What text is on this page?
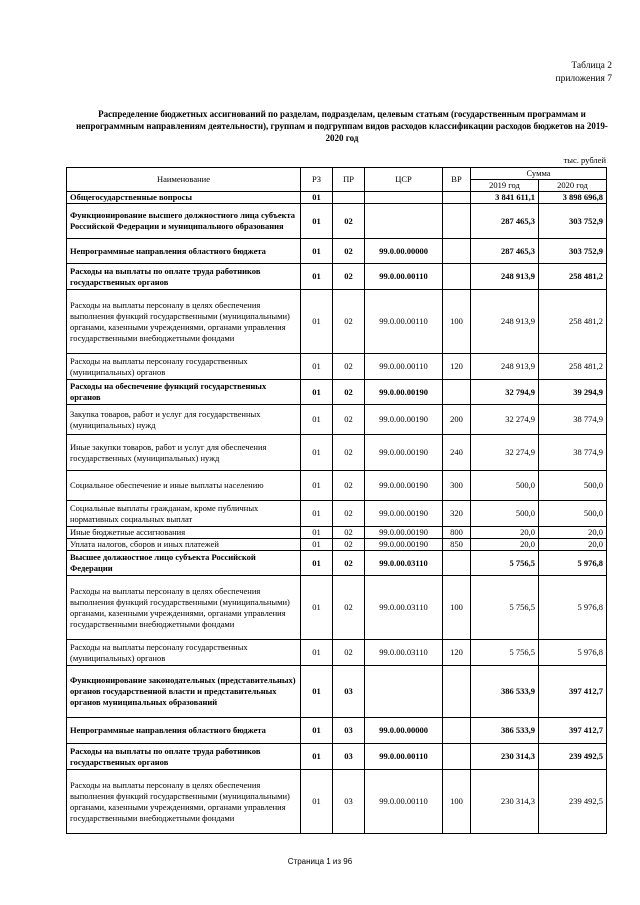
Таблица 2
приложения 7
Распределение бюджетных ассигнований по разделам, подразделам, целевым статьям (государственным программам и непрограммным направлениям деятельности), группам и подгруппам видов расходов классификации расходов бюджетов на 2019-2020 год
тыс. рублей
Наименование	РЗ	ПР	ЦСР	ВР	Сумма	
					2019 год	2020 год
Общегосударственные вопросы	01				3 841 611,1	3 898 696,8
Функционирование высшего должностного лица субъекта Российской Федерации и муниципального образования	01	02			287 465,3	303 752,9
Непрограммные направления областного бюджета	01	02	99.0.00.00000		287 465,3	303 752,9
Расходы на выплаты по оплате труда работников государственных органов	01	02	99.0.00.00110		248 913,9	258 481,2
Расходы на выплаты персоналу в целях обеспечения выполнения функций государственными (муниципальными) органами, казенными учреждениями, органами управления государственными внебюджетными фондами	01	02	99.0.00.00110	100	248 913,9	258 481,2
Расходы на выплаты персоналу государственных (муниципальных) органов	01	02	99.0.00.00110	120	248 913,9	258 481,2
Расходы на обеспечение функций государственных органов	01	02	99.0.00.00190		32 794,9	39 294,9
Закупка товаров, работ и услуг для государственных (муниципальных) нужд	01	02	99.0.00.00190	200	32 274,9	38 774,9
Иные закупки товаров, работ и услуг для обеспечения государственных (муниципальных) нужд	01	02	99.0.00.00190	240	32 274,9	38 774,9
Социальное обеспечение и иные выплаты населению	01	02	99.0.00.00190	300	500,0	500,0
Социальные выплаты гражданам, кроме публичных нормативных социальных выплат	01	02	99.0.00.00190	320	500,0	500,0
Иные бюджетные ассигнования	01	02	99.0.00.00190	800	20,0	20,0
Уплата налогов, сборов и иных платежей	01	02	99.0.00.00190	850	20,0	20,0
Высшее должностное лицо субъекта Российской Федерации	01	02	99.0.00.03110		5 756,5	5 976,8
Расходы на выплаты персоналу в целях обеспечения выполнения функций государственными (муниципальными) органами, казенными учреждениями, органами управления государственными внебюджетными фондами	01	02	99.0.00.03110	100	5 756,5	5 976,8
Расходы на выплаты персоналу государственных (муниципальных) органов	01	02	99.0.00.03110	120	5 756,5	5 976,8
Функционирование законодательных (представительных) органов государственной власти и представительных органов муниципальных образований	01	03			386 533,9	397 412,7
Непрограммные направления областного бюджета	01	03	99.0.00.00000		386 533,9	397 412,7
Расходы на выплаты по оплате труда работников государственных органов	01	03	99.0.00.00110		230 314,3	239 492,5
Расходы на выплаты персоналу в целях обеспечения выполнения функций государственными (муниципальными) органами, казенными учреждениями, органами управления государственными внебюджетными фондами	01	03	99.0.00.00110	100	230 314,3	239 492,5
Страница 1 из 96
